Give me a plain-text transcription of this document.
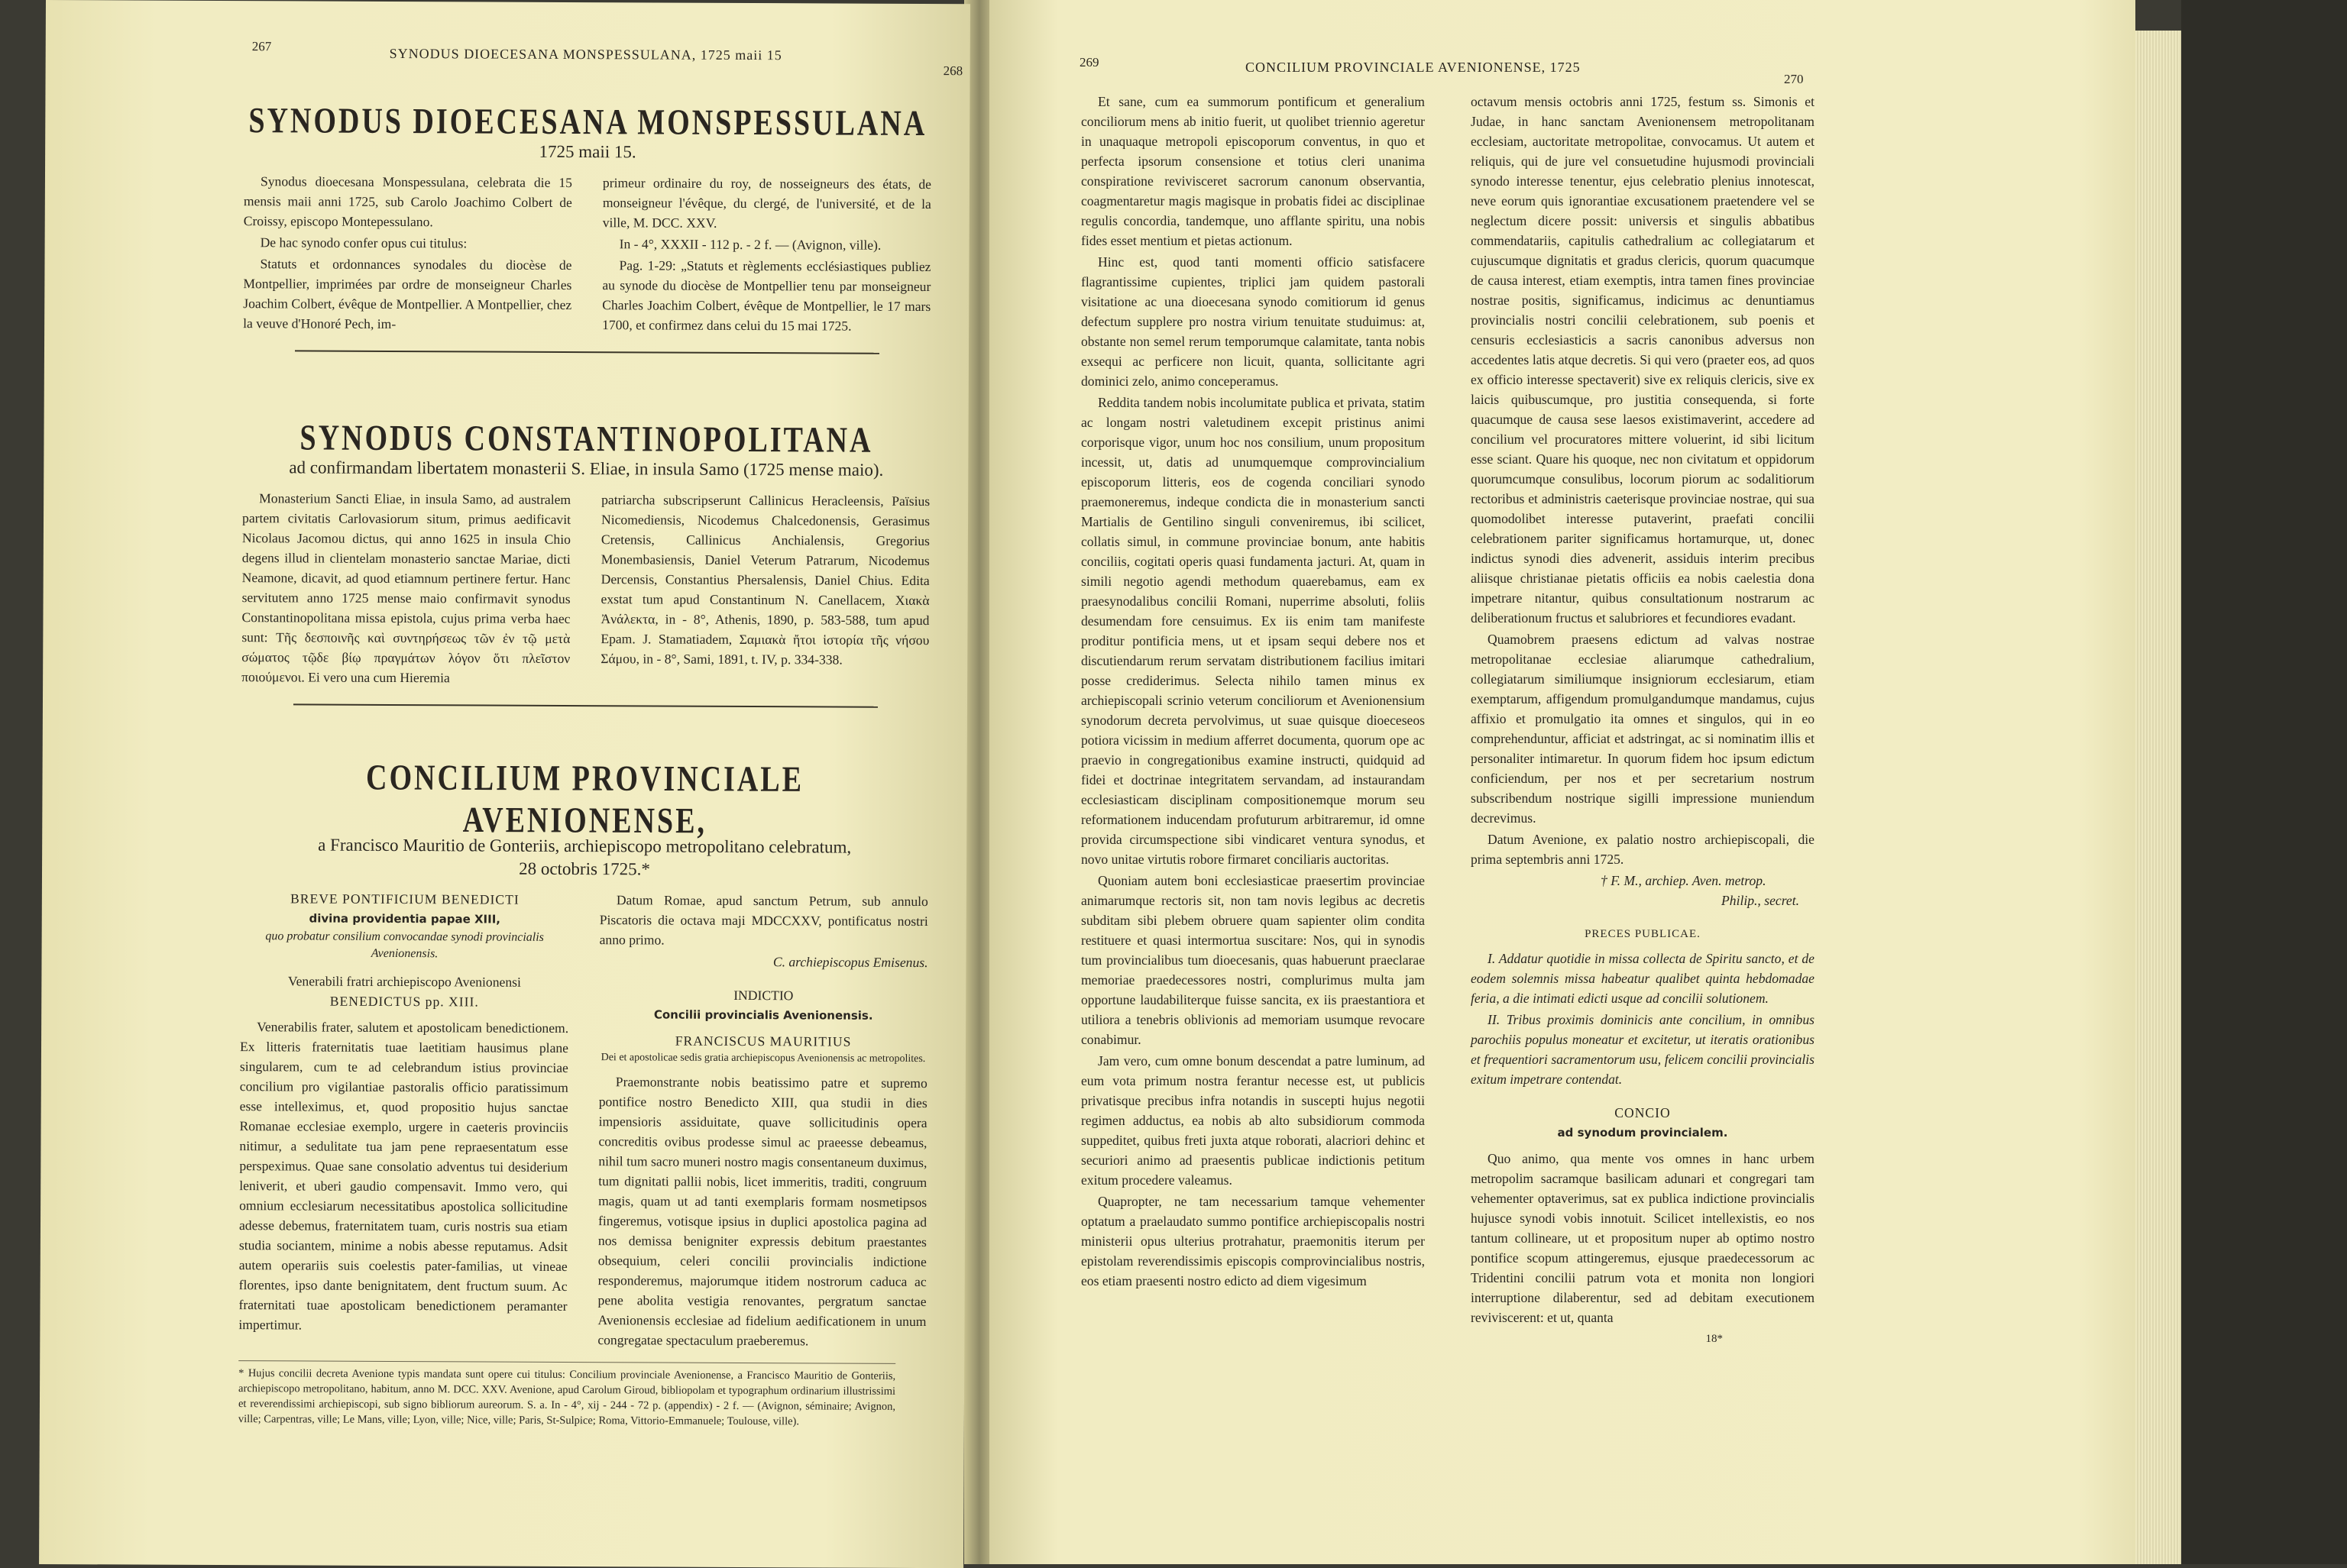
267	SYNODUS DIOECESANA MONSPESSULANA, 1725 maii 15
268
SYNODUS DIOECESANA MONSPESSULANA
1725 maii 15.

Synodus dioecesana Monspessulana, celebrata die 15 mensis maii anni 1725, sub Carolo Joachimo Colbert de Croissy, episcopo Montepessulano.

De hac synodo confer opus cui titulus:

Statuts et ordonnances synodales du diocèse de Montpellier, imprimées par ordre de monseigneur Charles Joachim Colbert, évêque de Montpellier. A Montpellier, chez la veuve d'Honoré Pech, im-

primeur ordinaire du roy, de nosseigneurs des états, de monseigneur l'évêque, du clergé, de l'université, et de la ville, M. DCC. XXV.

In - 4°, XXXII - 112 p. - 2 f. — (Avignon, ville).

Pag. 1-29: „Statuts et règlements ecclésiastiques publiez au synode du diocèse de Montpellier tenu par monseigneur Charles Joachim Colbert, évêque de Montpellier, le 17 mars 1700, et confirmez dans celui du 15 mai 1725.

SYNODUS CONSTANTINOPOLITANA
ad confirmandam libertatem monasterii S. Eliae, in insula Samo (1725 mense maio).

Monasterium Sancti Eliae, in insula Samo, ad australem partem civitatis Carlovasiorum situm, primus aedificavit Nicolaus Jacomou dictus, qui anno 1625 in insula Chio degens illud in clientelam monasterio sanctae Mariae, dicti Neamone, dicavit, ad quod etiamnum pertinere fertur. Hanc servitutem anno 1725 mense maio confirmavit synodus Constantinopolitana missa epistola, cujus prima verba haec sunt: Τῆς δεσποινῆς καὶ συντηρήσεως τῶν ἐν τῷ μετὰ σώματος τῷδε βίῳ πραγμάτων λόγον ὅτι πλεῖστον ποιούμενοι. Ei vero una cum Hieremia

patriarcha subscripserunt Callinicus Heracleensis, Païsius Nicomediensis, Nicodemus Chalcedonensis, Gerasimus Cretensis, Callinicus Anchialensis, Gregorius Monembasiensis, Daniel Veterum Patrarum, Nicodemus Dercensis, Constantius Phersalensis, Daniel Chius. Edita exstat tum apud Constantinum N. Canellacem, Χιακὰ Ἀνάλεκτα, in - 8°, Athenis, 1890, p. 583-588, tum apud Epam. J. Stamatiadem, Σαμιακὰ ἤτοι ἱστορία τῆς νήσου Σάμου, in - 8°, Sami, 1891, t. IV, p. 334-338.

CONCILIUM PROVINCIALE AVENIONENSE,
a Francisco Mauritio de Gonteriis, archiepiscopo metropolitano celebratum,
28 octobris 1725.*
BREVE PONTIFICIUM BENEDICTI
divina providentia papae XIII,
quo probatur consilium convocandae synodi provincialis Avenionensis.
Venerabili fratri archiepiscopo Avenionensi
BENEDICTUS pp. XIII.

Venerabilis frater, salutem et apostolicam benedictionem. Ex litteris fraternitatis tuae laetitiam hausimus plane singularem, cum te ad celebrandum istius provinciae concilium pro vigilantiae pastoralis officio paratissimum esse intelleximus, et, quod propositio hujus sanctae Romanae ecclesiae exemplo, urgere in caeteris provinciis nitimur, a sedulitate tua jam pene repraesentatum esse perspeximus. Quae sane consolatio adventus tui desiderium leniverit, et uberi gaudio compensavit. Immo vero, qui omnium ecclesiarum necessitatibus apostolica sollicitudine adesse debemus, fraternitatem tuam, curis nostris sua etiam studia sociantem, minime a nobis abesse reputamus. Adsit autem operariis suis coelestis pater-familias, ut vineae florentes, ipso dante benignitatem, dent fructum suum. Ac fraternitati tuae apostolicam benedictionem peramanter impertimur.

Datum Romae, apud sanctum Petrum, sub annulo Piscatoris die octava maji MDCCXXV, pontificatus nostri anno primo.

C. archiepiscopus Emisenus.
INDICTIO
Concilii provincialis Avenionensis.
FRANCISCUS MAURITIUS
Dei et apostolicae sedis gratia archiepiscopus Avenionensis ac metropolites.

Praemonstrante nobis beatissimo patre et supremo pontifice nostro Benedicto XIII, qua studii in dies impensioris assiduitate, quave sollicitudinis opera concreditis ovibus prodesse simul ac praeesse debeamus, nihil tum sacro muneri nostro magis consentaneum duximus, tum dignitati pallii nobis, licet immeritis, traditi, congruum magis, quam ut ad tanti exemplaris formam nosmetipsos fingeremus, votisque ipsius in duplici apostolica pagina ad nos demissa benigniter expressis debitum praestantes obsequium, celeri concilii provincialis indictione responderemus, majorumque itidem nostrorum caduca ac pene abolita vestigia renovantes, pergratum sanctae Avenionensis ecclesiae ad fidelium aedificationem in unum congregatae spectaculum praeberemus.

* Hujus concilii decreta Avenione typis mandata sunt opere cui titulus: Concilium provinciale Avenionense, a Francisco Mauritio de Gonteriis, archiepiscopo metropolitano, habitum, anno M. DCC. XXV. Avenione, apud Carolum Giroud, bibliopolam et typographum ordinarium illustrissimi et reverendissimi archiepiscopi, sub signo bibliorum aureorum. S. a. In - 4°, xij - 244 - 72 p. (appendix) - 2 f. — (Avignon, séminaire; Avignon, ville; Carpentras, ville; Le Mans, ville; Lyon, ville; Nice, ville; Paris, St-Sulpice; Roma, Vittorio-Emmanuele; Toulouse, ville).
269	CONCILIUM PROVINCIALE AVENIONENSE, 1725
270

Et sane, cum ea summorum pontificum et generalium conciliorum mens ab initio fuerit, ut quolibet triennio ageretur in unaquaque metropoli episcoporum conventus, in quo et perfecta ipsorum consensione et totius cleri unanima conspiratione revivisceret sacrorum canonum observantia, coagmentaretur magis magisque in probatis fidei ac disciplinae regulis concordia, tandemque, uno afflante spiritu, una nobis fides esset mentium et pietas actionum.

Hinc est, quod tanti momenti officio satisfacere flagrantissime cupientes, triplici jam quidem pastorali visitatione ac una dioecesana synodo comitiorum id genus defectum supplere pro nostra virium tenuitate studuimus: at, obstante non semel rerum temporumque calamitate, tanta nobis exsequi ac perficere non licuit, quanta, sollicitante agri dominici zelo, animo conceperamus.

Reddita tandem nobis incolumitate publica et privata, statim ac longam nostri valetudinem excepit pristinus animi corporisque vigor, unum hoc nos consilium, unum propositum incessit, ut, datis ad unumquemque comprovincialium episcoporum litteris, eos de cogenda conciliari synodo praemoneremus, indeque condicta die in monasterium sancti Martialis de Gentilino singuli conveniremus, ibi scilicet, collatis simul, in commune provinciae bonum, ante habitis conciliis, cogitati operis quasi fundamenta jacturi. At, quam in simili negotio agendi methodum quaerebamus, eam ex praesynodalibus concilii Romani, nuperrime absoluti, foliis desumendam fore censuimus. Ex iis enim tam manifeste proditur pontificia mens, ut et ipsam sequi debere nos et discutiendarum rerum servatam distributionem facilius imitari posse crediderimus. Selecta nihilo tamen minus ex archiepiscopali scrinio veterum conciliorum et Avenionensium synodorum decreta pervolvimus, ut suae quisque dioeceseos potiora vicissim in medium afferret documenta, quorum ope ac praevio in congregationibus examine instructi, quidquid ad fidei et doctrinae integritatem servandam, ad instaurandam ecclesiasticam disciplinam compositionemque morum seu reformationem inducendam profuturum arbitraremur, id omne provida circumspectione sibi vindicaret ventura synodus, et novo unitae virtutis robore firmaret conciliaris auctoritas.

Quoniam autem boni ecclesiasticae praesertim provinciae animarumque rectoris sit, non tam novis legibus ac decretis subditam sibi plebem obruere quam sapienter olim condita restituere et quasi intermortua suscitare: Nos, qui in synodis tum provincialibus tum dioecesanis, quas habuerunt praeclarae memoriae praedecessores nostri, complurimus multa jam opportune laudabiliterque fuisse sancita, ex iis praestantiora et utiliora a tenebris oblivionis ad memoriam usumque revocare conabimur.

Jam vero, cum omne bonum descendat a patre luminum, ad eum vota primum nostra ferantur necesse est, ut publicis privatisque precibus infra notandis in suscepti hujus negotii regimen adductus, ea nobis ab alto subsidiorum commoda suppeditet, quibus freti juxta atque roborati, alacriori dehinc et securiori animo ad praesentis publicae indictionis petitum exitum procedere valeamus.

Quapropter, ne tam necessarium tamque vehementer optatum a praelaudato summo pontifice archiepiscopalis nostri ministerii opus ulterius protrahatur, praemonitis iterum per epistolam reverendissimis episcopis comprovincialibus nostris, eos etiam praesenti nostro edicto ad diem vigesimum

octavum mensis octobris anni 1725, festum ss. Simonis et Judae, in hanc sanctam Avenionensem metropolitanam ecclesiam, auctoritate metropolitae, convocamus. Ut autem et reliquis, qui de jure vel consuetudine hujusmodi provinciali synodo interesse tenentur, ejus celebratio plenius innotescat, neve eorum quis ignorantiae excusationem praetendere vel se neglectum dicere possit: universis et singulis abbatibus commendatariis, capitulis cathedralium ac collegiatarum et cujuscumque dignitatis et gradus clericis, quorum quacumque de causa interest, etiam exemptis, intra tamen fines provinciae nostrae positis, significamus, indicimus ac denuntiamus provincialis nostri concilii celebrationem, sub poenis et censuris ecclesiasticis a sacris canonibus adversus non accedentes latis atque decretis. Si qui vero (praeter eos, ad quos ex officio interesse spectaverit) sive ex reliquis clericis, sive ex laicis quibuscumque, pro justitia consequenda, si forte quacumque de causa sese laesos existimaverint, accedere ad concilium vel procuratores mittere voluerint, id sibi licitum esse sciant. Quare his quoque, nec non civitatum et oppidorum quorumcumque consulibus, locorum piorum ac sodalitiorum rectoribus et administris caeterisque provinciae nostrae, qui sua quomodolibet interesse putaverint, praefati concilii celebrationem pariter significamus hortamurque, ut, donec indictus synodi dies advenerit, assiduis interim precibus aliisque christianae pietatis officiis ea nobis caelestia dona impetrare nitantur, quibus consultationum nostrarum ac deliberationum fructus et salubriores et fecundiores evadant.

Quamobrem praesens edictum ad valvas nostrae metropolitanae ecclesiae aliarumque cathedralium, collegiatarum similiumque insigniorum ecclesiarum, etiam exemptarum, affigendum promulgandumque mandamus, cujus affixio et promulgatio ita omnes et singulos, qui in eo comprehenduntur, afficiat et adstringat, ac si nominatim illis et personaliter intimaretur. In quorum fidem hoc ipsum edictum conficiendum, per nos et per secretarium nostrum subscribendum nostrique sigilli impressione muniendum decrevimus.

Datum Avenione, ex palatio nostro archiepiscopali, die prima septembris anni 1725.

† F. M., archiep. Aven. metrop.
Philip., secret.
PRECES PUBLICAE.

I. Addatur quotidie in missa collecta de Spiritu sancto, et de eodem solemnis missa habeatur qualibet quinta hebdomadae feria, a die intimati edicti usque ad concilii solutionem.

II. Tribus proximis dominicis ante concilium, in omnibus parochiis populus moneatur et excitetur, ut iteratis orationibus et frequentiori sacramentorum usu, felicem concilii provincialis exitum impetrare contendat.

CONCIO
ad synodum provincialem.

Quo animo, qua mente vos omnes in hanc urbem metropolim sacramque basilicam adunari et congregari tam vehementer optaverimus, sat ex publica indictione provincialis hujusce synodi vobis innotuit. Scilicet intellexistis, eo nos tantum collineare, ut et propositum nuper ab optimo nostro pontifice scopum attingeremus, ejusque praedecessorum ac Tridentini concilii patrum vota et monita non longiori interruptione dilaberentur, sed ad debitam executionem reviviscerent: et ut, quanta

18*
